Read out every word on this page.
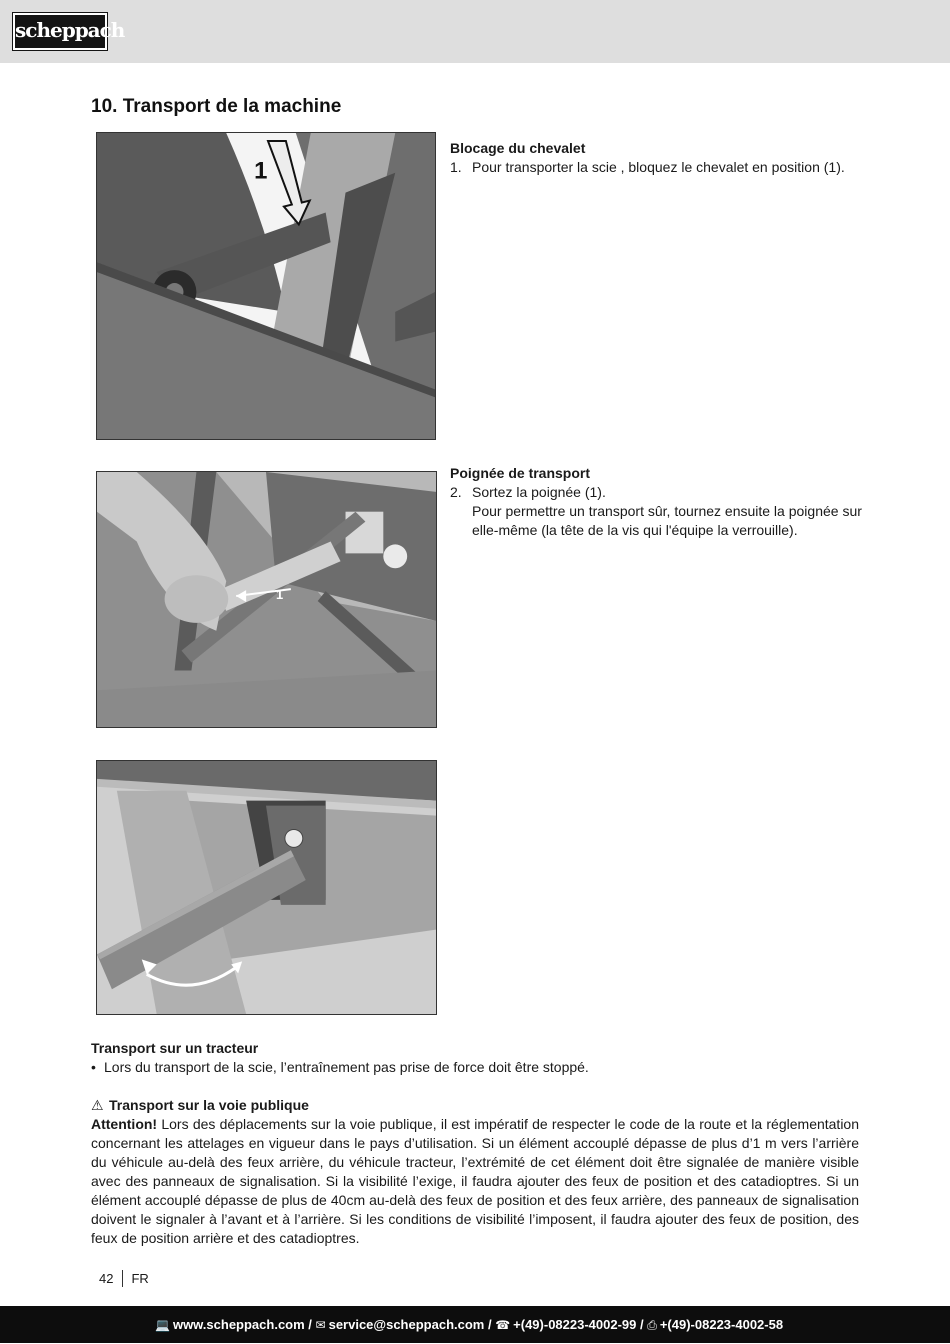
scheppach
10. Transport de la machine
1
1
Blocage du chevalet
1. Pour transporter la scie , bloquez le chevalet en position (1).
Poignée de transport
2. Sortez la poignée (1).
Pour permettre un transport sûr, tournez ensuite la poignée sur elle-même (la tête de la vis qui l'équipe la verrouille).
Transport sur un tracteur
• Lors du transport de la scie, l’entraînement pas prise de force doit être stoppé.
⚠ Transport sur la voie publique

Attention! Lors des déplacements sur la voie publique, il est impératif de respecter le code de la route et la réglementation concernant les attelages en vigueur dans le pays d’utilisation. Si un élément accouplé dépasse de plus d’1 m vers l’arrière du véhicule au-delà des feux arrière, du véhicule tracteur, l’extrémité de cet élément doit être signalée de manière visible avec des panneaux de signalisation. Si la visibilité l’exige, il faudra ajouter des feux de position et des catadioptres. Si un élément accouplé dépasse de plus de 40cm au-delà des feux de position et des feux arrière, des panneaux de signalisation doivent le signaler à l’avant et à l’arrière. Si les conditions de visibilité l’imposent, il faudra ajouter des feux de position, des feux de position arrière et des catadioptres.

42 FR
💻 www.scheppach.com / ✉ service@scheppach.com / ☎ +(49)-08223-4002-99 / ⎙ +(49)-08223-4002-58
